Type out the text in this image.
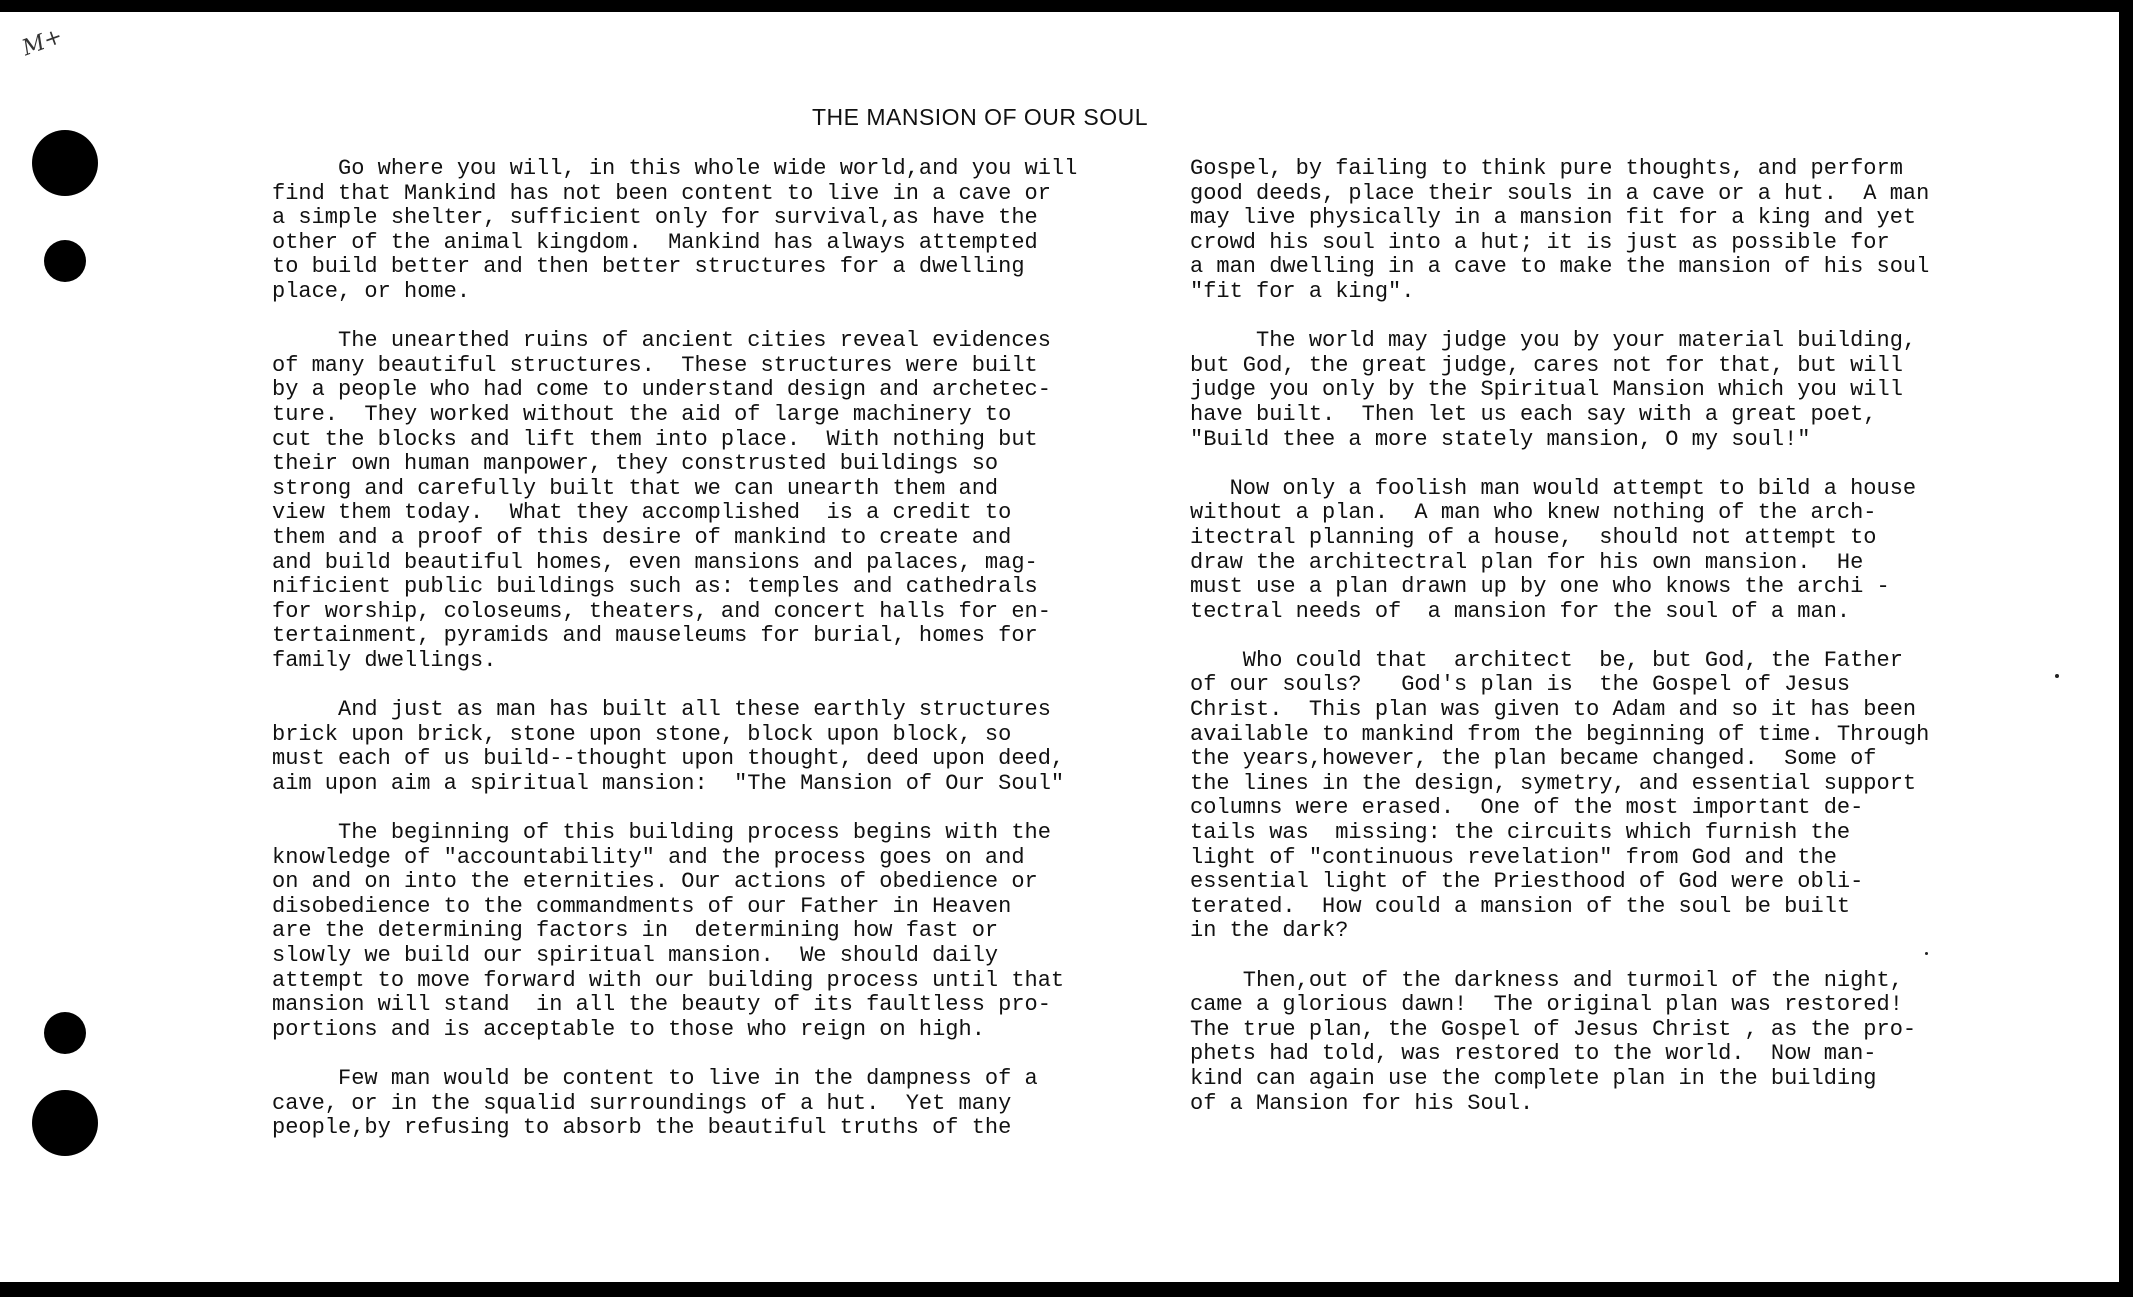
M+
THE MANSION OF OUR SOUL
Go where you will, in this whole wide world,and you will
find that Mankind has not been content to live in a cave or
a simple shelter, sufficient only for survival,as have the
other of the animal kingdom.  Mankind has always attempted
to build better and then better structures for a dwelling
place, or home.
The unearthed ruins of ancient cities reveal evidences
of many beautiful structures.  These structures were built
by a people who had come to understand design and archetec-
ture.  They worked without the aid of large machinery to
cut the blocks and lift them into place.  With nothing but
their own human manpower, they construsted buildings so
strong and carefully built that we can unearth them and
view them today.  What they accomplished  is a credit to
them and a proof of this desire of mankind to create and
and build beautiful homes, even mansions and palaces, mag-
nificient public buildings such as: temples and cathedrals
for worship, coloseums, theaters, and concert halls for en-
tertainment, pyramids and mauseleums for burial, homes for
family dwellings.
And just as man has built all these earthly structures
brick upon brick, stone upon stone, block upon block, so
must each of us build--thought upon thought, deed upon deed,
aim upon aim a spiritual mansion:  "The Mansion of Our Soul"
The beginning of this building process begins with the
knowledge of "accountability" and the process goes on and
on and on into the eternities. Our actions of obedience or
disobedience to the commandments of our Father in Heaven
are the determining factors in  determining how fast or
slowly we build our spiritual mansion.  We should daily
attempt to move forward with our building process until that
mansion will stand  in all the beauty of its faultless pro-
portions and is acceptable to those who reign on high.
Few man would be content to live in the dampness of a
cave, or in the squalid surroundings of a hut.  Yet many
people,by refusing to absorb the beautiful truths of the
Gospel, by failing to think pure thoughts, and perform
good deeds, place their souls in a cave or a hut.  A man
may live physically in a mansion fit for a king and yet
crowd his soul into a hut; it is just as possible for
a man dwelling in a cave to make the mansion of his soul
"fit for a king".
The world may judge you by your material building,
but God, the great judge, cares not for that, but will
judge you only by the Spiritual Mansion which you will
have built.  Then let us each say with a great poet,
"Build thee a more stately mansion, O my soul!"
Now only a foolish man would attempt to bild a house
without a plan.  A man who knew nothing of the arch-
itectral planning of a house,  should not attempt to
draw the architectral plan for his own mansion.  He
must use a plan drawn up by one who knows the archi -
tectral needs of  a mansion for the soul of a man.
Who could that  architect  be, but God, the Father
of our souls?   God's plan is  the Gospel of Jesus
Christ.  This plan was given to Adam and so it has been
available to mankind from the beginning of time. Through
the years,however, the plan became changed.  Some of
the lines in the design, symetry, and essential support
columns were erased.  One of the most important de-
tails was  missing: the circuits which furnish the
light of "continuous revelation" from God and the
essential light of the Priesthood of God were obli-
terated.  How could a mansion of the soul be built
in the dark?
Then,out of the darkness and turmoil of the night,
came a glorious dawn!  The original plan was restored!
The true plan, the Gospel of Jesus Christ , as the pro-
phets had told, was restored to the world.  Now man-
kind can again use the complete plan in the building
of a Mansion for his Soul.
